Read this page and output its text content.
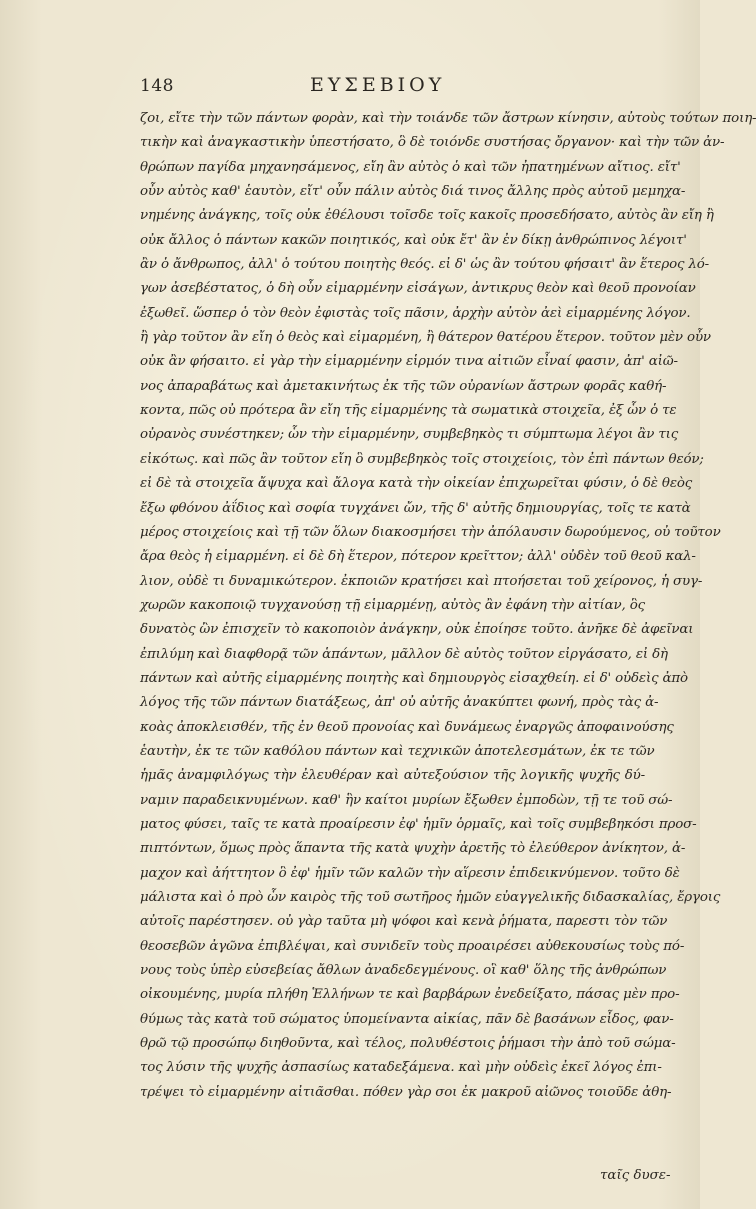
148	ΕΥΣΕΒΙΟΥ
ζοι, εἴτε τὴν τῶν πάντων φορὰν, καὶ τὴν τοιάνδε τῶν ἄστρων κίνησιν, αὐτοὺς τούτων ποιη-
τικὴν καὶ ἀναγκαστικὴν ὑπεστήσατο, ὃ δὲ τοιόνδε συστήσας ὄργανον· καὶ τὴν τῶν ἀν-
θρώπων παγίδα μηχανησάμενος, εἴη ἂν αὐτὸς ὁ καὶ τῶν ἠπατημένων αἴτιος. εἴτ'
οὖν αὐτὸς καθ' ἑαυτὸν, εἴτ' οὖν πάλιν αὐτὸς διά τινος ἄλλης πρὸς αὐτοῦ μεμηχα-
νημένης ἀνάγκης, τοῖς οὐκ ἐθέλουσι τοῖσδε τοῖς κακοῖς προσεδήσατο, αὐτὸς ἂν εἴη ἢ
οὐκ ἄλλος ὁ πάντων κακῶν ποιητικός, καὶ οὐκ ἔτ' ἂν ἐν δίκῃ ἀνθρώπινος λέγοιτ'
ἂν ὁ ἄνθρωπος, ἀλλ' ὁ τούτου ποιητὴς θεός. εἰ δ' ὡς ἂν τούτου φήσαιτ' ἂν ἕτερος λό-
γων ἀσεβέστατος, ὁ δὴ οὖν εἱμαρμένην εἰσάγων, ἀντικρυς θεὸν καὶ θεοῦ προνοίαν
ἐξωθεῖ. ὥσπερ ὁ τὸν θεὸν ἐφιστὰς τοῖς πᾶσιν, ἀρχὴν αὐτὸν ἀεὶ εἱμαρμένης λόγον.
ἢ γὰρ τοῦτον ἂν εἴη ὁ θεὸς καὶ εἱμαρμένη, ἢ θάτερον θατέρου ἕτερον. τοῦτον μὲν οὖν
οὐκ ἂν φήσαιτο. εἰ γὰρ τὴν εἱμαρμένην εἱρμόν τινα αἰτιῶν εἶναί φασιν, ἀπ' αἰῶ-
νος ἀπαραβάτως καὶ ἀμετακινήτως ἐκ τῆς τῶν οὐρανίων ἄστρων φορᾶς καθή-
κοντα, πῶς οὐ πρότερα ἂν εἴη τῆς εἱμαρμένης τὰ σωματικὰ στοιχεῖα, ἐξ ὧν ὁ τε
οὐρανὸς συνέστηκεν; ὧν τὴν εἱμαρμένην, συμβεβηκὸς τι σύμπτωμα λέγοι ἂν τις
εἰκότως. καὶ πῶς ἂν τοῦτον εἴη ὃ συμβεβηκὸς τοῖς στοιχείοις, τὸν ἐπὶ πάντων θεόν;
εἰ δὲ τὰ στοιχεῖα ἄψυχα καὶ ἄλογα κατὰ τὴν οἰκείαν ἐπιχωρεῖται φύσιν, ὁ δὲ θεὸς
ἔξω φθόνου ἀΐδιος καὶ σοφία τυγχάνει ὤν, τῆς δ' αὐτῆς δημιουργίας, τοῖς τε κατὰ
μέρος στοιχείοις καὶ τῇ τῶν ὅλων διακοσμήσει τὴν ἀπόλαυσιν δωρούμενος, οὐ τοῦτον
ἄρα θεὸς ἡ εἱμαρμένη. εἰ δὲ δὴ ἕτερον, πότερον κρεῖττον; ἀλλ' οὐδὲν τοῦ θεοῦ καλ-
λιον, οὐδὲ τι δυναμικώτερον. ἐκποιῶν κρατήσει καὶ πτοήσεται τοῦ χείρονος, ἡ συγ-
χωρῶν κακοποιῷ τυγχανούσῃ τῇ εἱμαρμένῃ, αὐτὸς ἂν ἐφάνη τὴν αἰτίαν, ὃς
δυνατὸς ὢν ἐπισχεῖν τὸ κακοποιὸν ἀνάγκην, οὐκ ἐποίησε τοῦτο. ἀνῆκε δὲ ἀφεῖναι
ἐπιλύμη καὶ διαφθορᾷ τῶν ἁπάντων, μᾶλλον δὲ αὐτὸς τοῦτον εἰργάσατο, εἰ δὴ
πάντων καὶ αὐτῆς εἱμαρμένης ποιητὴς καὶ δημιουργὸς εἰσαχθείη. εἰ δ' οὐδεὶς ἀπὸ
λόγος τῆς τῶν πάντων διατάξεως, ἀπ' οὐ αὐτῆς ἀνακύπτει φωνή, πρὸς τὰς ἀ-
κοὰς ἀποκλεισθέν, τῆς ἐν θεοῦ προνοίας καὶ δυνάμεως ἐναργῶς ἀποφαινούσης
ἑαυτὴν, ἐκ τε τῶν καθόλου πάντων καὶ τεχνικῶν ἀποτελεσμάτων, ἐκ τε τῶν
ἡμᾶς ἀναμφιλόγως τὴν ἐλευθέραν καὶ αὐτεξούσιον τῆς λογικῆς ψυχῆς δύ-
ναμιν παραδεικνυμένων. καθ' ἣν καίτοι μυρίων ἔξωθεν ἐμποδὼν, τῇ τε τοῦ σώ-
ματος φύσει, ταῖς τε κατὰ προαίρεσιν ἐφ' ἡμῖν ὁρμαῖς, καὶ τοῖς συμβεβηκόσι προσ-
πιπτόντων, ὅμως πρὸς ἅπαντα τῆς κατὰ ψυχὴν ἀρετῆς τὸ ἐλεύθερον ἀνίκητον, ἀ-
μαχον καὶ ἀήττητον ὃ ἐφ' ἡμῖν τῶν καλῶν τὴν αἵρεσιν ἐπιδεικνύμενον. τοῦτο δὲ
μάλιστα καὶ ὁ πρὸ ὧν καιρὸς τῆς τοῦ σωτῆρος ἡμῶν εὐαγγελικῆς διδασκαλίας, ἔργοις
αὐτοῖς παρέστησεν. οὐ γὰρ ταῦτα μὴ ψόφοι καὶ κενὰ ῥήματα, παρεστι τὸν τῶν
θεοσεβῶν ἀγῶνα ἐπιβλέψαι, καὶ συνιδεῖν τοὺς προαιρέσει αὐθεκουσίως τοὺς πό-
νους τοὺς ὑπὲρ εὐσεβείας ἄθλων ἀναδεδεγμένους. οἳ καθ' ὅλης τῆς ἀνθρώπων
οἰκουμένης, μυρία πλήθη Ἑλλήνων τε καὶ βαρβάρων ἐνεδείξατο, πάσας μὲν προ-
θύμως τὰς κατὰ τοῦ σώματος ὑπομείναντα αἰκίας, πᾶν δὲ βασάνων εἶδος, φαν-
θρῶ τῷ προσώπῳ διηθοῦντα, καὶ τέλος, πολυθέστοις ῥήμασι τὴν ἀπὸ τοῦ σώμα-
τος λύσιν τῆς ψυχῆς ἀσπασίως καταδεξάμενα. καὶ μὴν οὐδεὶς ἐκεῖ λόγος ἐπι-
τρέψει τὸ εἱμαρμένην αἰτιᾶσθαι. πόθεν γὰρ σοι ἐκ μακροῦ αἰῶνος τοιοῦδε ἀθη-
ταῖς δυσε-
